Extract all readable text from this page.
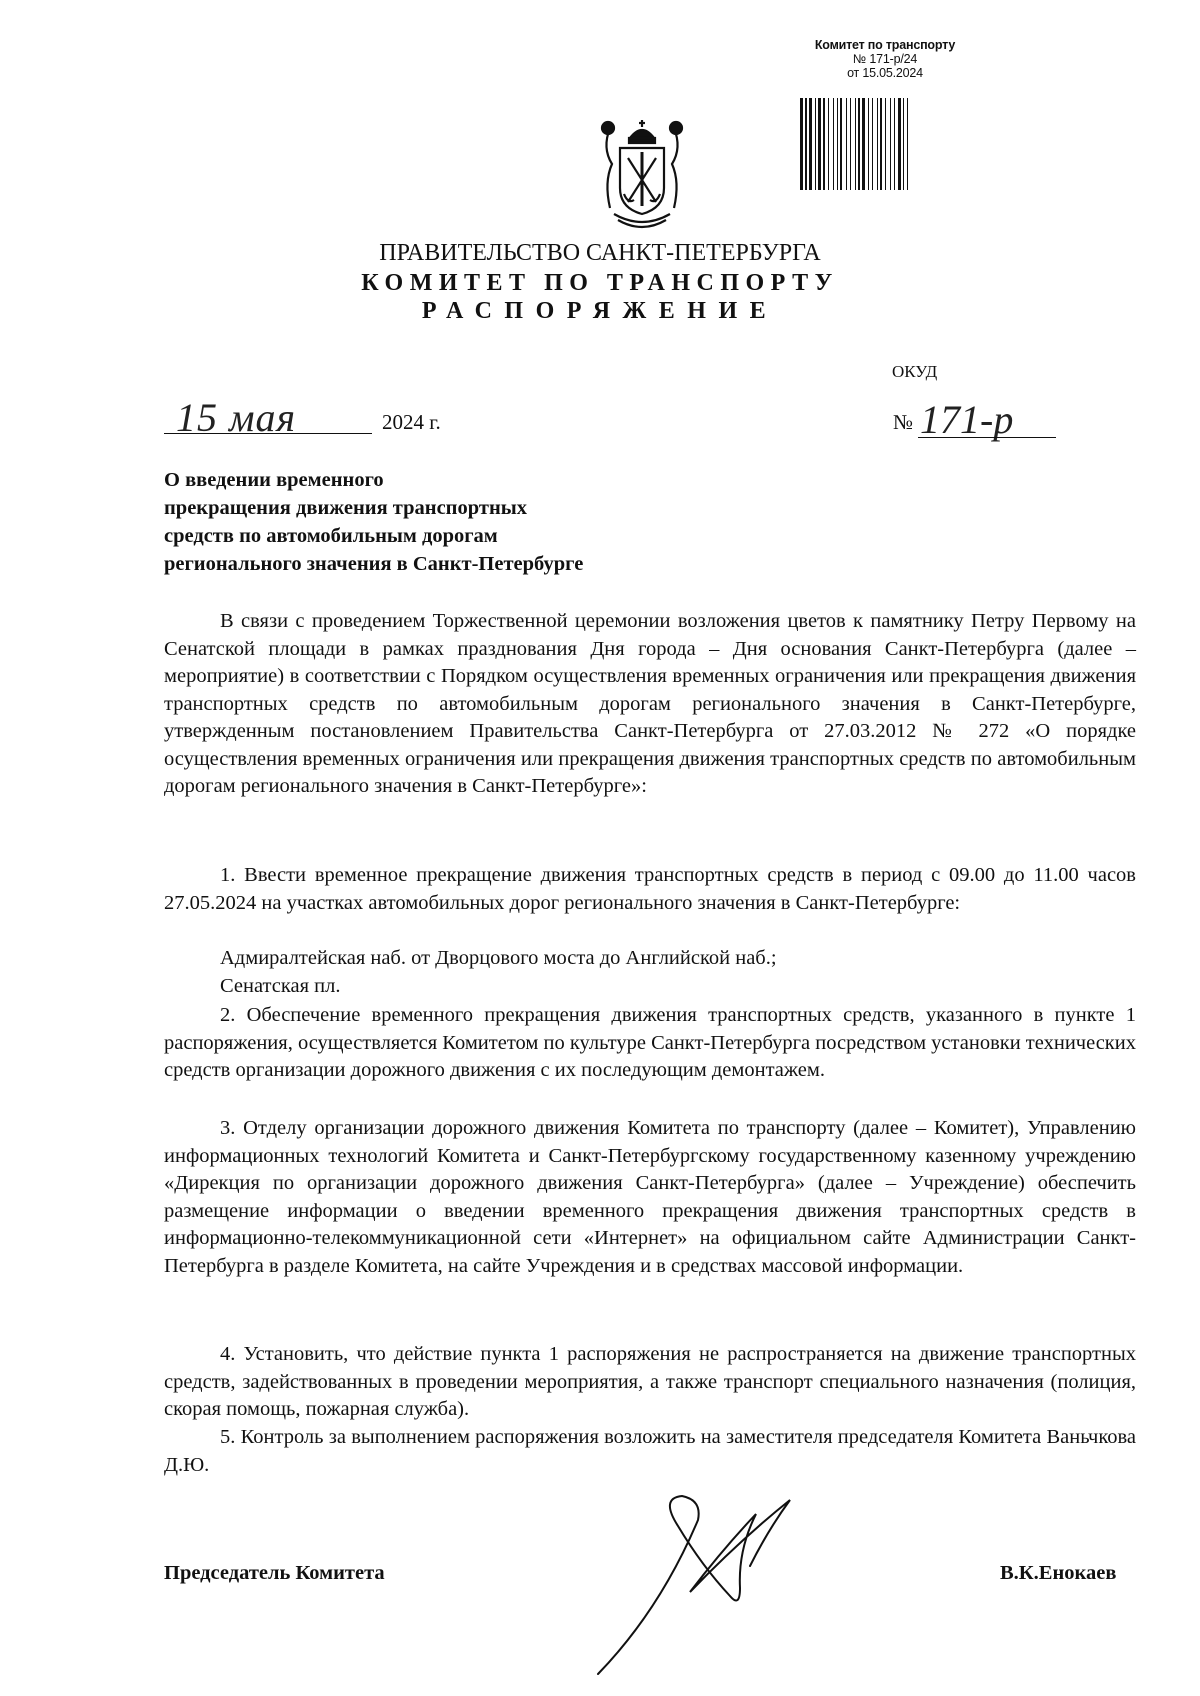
Комитет по транспорту
№ 171-р/24
от 15.05.2024
ПРАВИТЕЛЬСТВО САНКТ-ПЕТЕРБУРГА
КОМИТЕТ ПО ТРАНСПОРТУ
РАСПОРЯЖЕНИЕ
ОКУД
15 мая	2024 г.	№ 171-р
О введении временного
прекращения движения транспортных
средств по автомобильным дорогам
регионального значения в Санкт-Петербурге
В связи с проведением Торжественной церемонии возложения цветов к памятнику Петру Первому на Сенатской площади в рамках празднования Дня города – Дня основания Санкт-Петербурга (далее – мероприятие) в соответствии с Порядком осуществления временных ограничения или прекращения движения транспортных средств по автомобильным дорогам регионального значения в Санкт-Петербурге, утвержденным постановлением Правительства Санкт-Петербурга от 27.03.2012 № 272 «О порядке осуществления временных ограничения или прекращения движения транспортных средств по автомобильным дорогам регионального значения в Санкт-Петербурге»:
1. Ввести временное прекращение движения транспортных средств в период с 09.00 до 11.00 часов 27.05.2024 на участках автомобильных дорог регионального значения в Санкт-Петербурге:
Адмиралтейская наб. от Дворцового моста до Английской наб.;
Сенатская пл.
2. Обеспечение временного прекращения движения транспортных средств, указанного в пункте 1 распоряжения, осуществляется Комитетом по культуре Санкт-Петербурга посредством установки технических средств организации дорожного движения с их последующим демонтажем.
3. Отделу организации дорожного движения Комитета по транспорту (далее – Комитет), Управлению информационных технологий Комитета и Санкт-Петербургскому государственному казенному учреждению «Дирекция по организации дорожного движения Санкт-Петербурга» (далее – Учреждение) обеспечить размещение информации о введении временного прекращения движения транспортных средств в информационно-телекоммуникационной сети «Интернет» на официальном сайте Администрации Санкт-Петербурга в разделе Комитета, на сайте Учреждения и в средствах массовой информации.
4. Установить, что действие пункта 1 распоряжения не распространяется на движение транспортных средств, задействованных в проведении мероприятия, а также транспорт специального назначения (полиция, скорая помощь, пожарная служба).
5. Контроль за выполнением распоряжения возложить на заместителя председателя Комитета Ваньчкова Д.Ю.
Председатель Комитета	В.К.Енокаев
